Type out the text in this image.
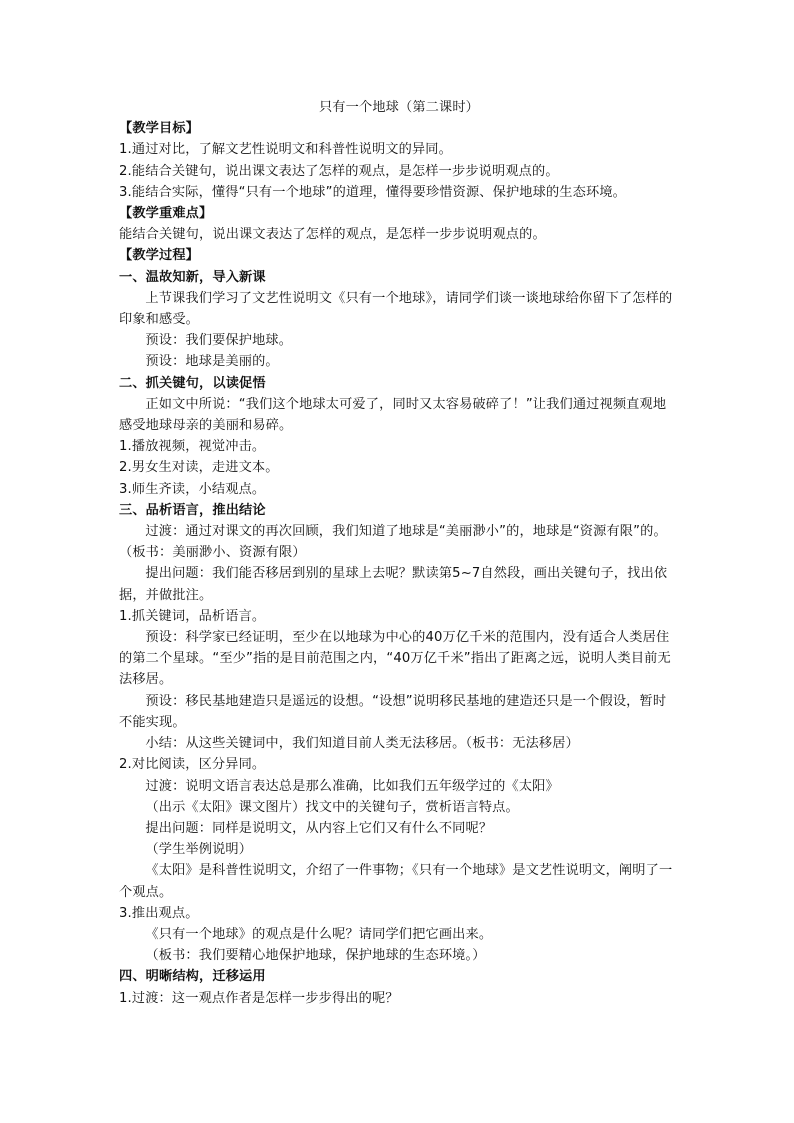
只有一个地球（第二课时）

【教学目标】

1.通过对比，了解文艺性说明文和科普性说明文的异同。

2.能结合关键句，说出课文表达了怎样的观点，是怎样一步步说明观点的。

3.能结合实际，懂得“只有一个地球”的道理，懂得要珍惜资源、保护地球的生态环境。

【教学重难点】

能结合关键句，说出课文表达了怎样的观点，是怎样一步步说明观点的。

【教学过程】

一、温故知新，导入新课

上节课我们学习了文艺性说明文《只有一个地球》，请同学们谈一谈地球给你留下了怎样的印象和感受。

预设：我们要保护地球。

预设：地球是美丽的。

二、抓关键句，以读促悟

正如文中所说：“我们这个地球太可爱了，同时又太容易破碎了！”让我们通过视频直观地感受地球母亲的美丽和易碎。

1.播放视频，视觉冲击。

2.男女生对读，走进文本。

3.师生齐读，小结观点。

三、品析语言，推出结论

过渡：通过对课文的再次回顾，我们知道了地球是“美丽渺小”的，地球是“资源有限”的。（板书：美丽渺小、资源有限）

提出问题：我们能否移居到别的星球上去呢？默读第5~7自然段，画出关键句子，找出依据，并做批注。

1.抓关键词，品析语言。

预设：科学家已经证明，至少在以地球为中心的40万亿千米的范围内，没有适合人类居住的第二个星球。“至少”指的是目前范围之内，“40万亿千米”指出了距离之远，说明人类目前无法移居。

预设：移民基地建造只是遥远的设想。“设想”说明移民基地的建造还只是一个假设，暂时不能实现。

小结：从这些关键词中，我们知道目前人类无法移居。（板书：无法移居）

2.对比阅读，区分异同。

过渡：说明文语言表达总是那么准确，比如我们五年级学过的《太阳》

（出示《太阳》课文图片）找文中的关键句子，赏析语言特点。

提出问题：同样是说明文，从内容上它们又有什么不同呢？

（学生举例说明）

《太阳》是科普性说明文，介绍了一件事物；《只有一个地球》是文艺性说明文，阐明了一个观点。

3.推出观点。

《只有一个地球》的观点是什么呢？请同学们把它画出来。

（板书：我们要精心地保护地球，保护地球的生态环境。）

四、明晰结构，迁移运用

1.过渡：这一观点作者是怎样一步步得出的呢？
